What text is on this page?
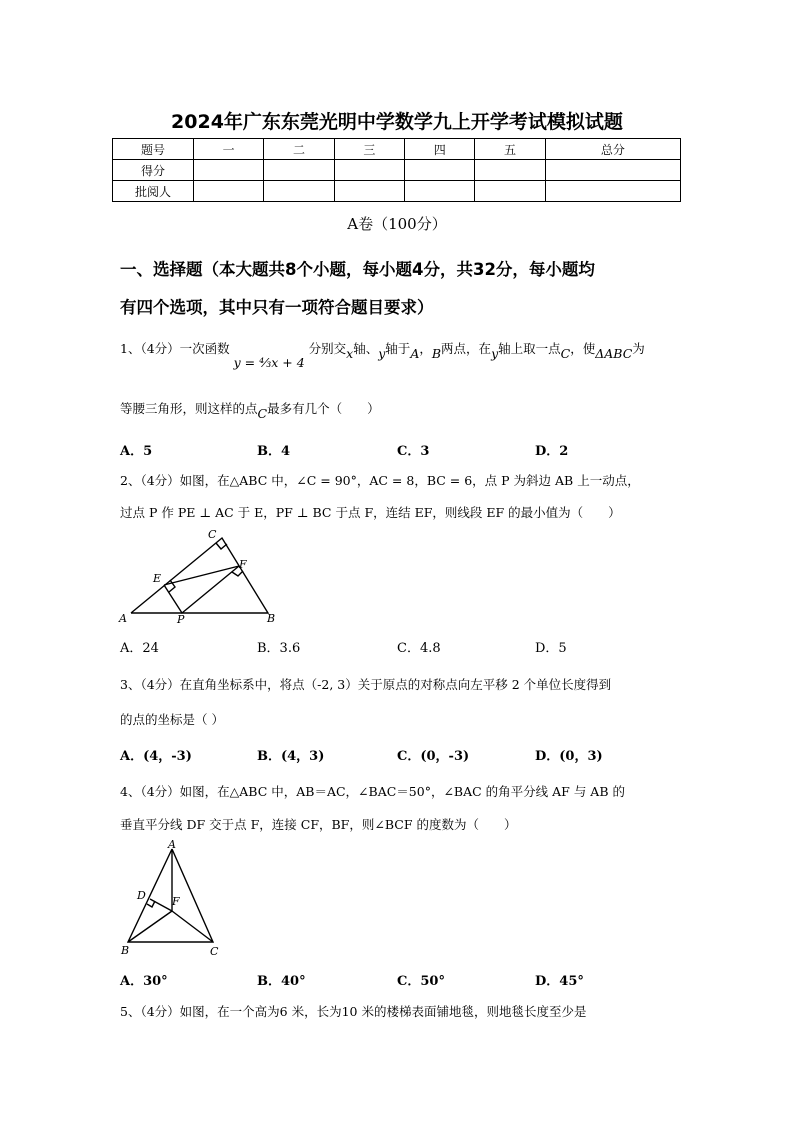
2024年广东东莞光明中学数学九上开学考试模拟试题
题号	一	二	三	四	五	总分
得分						
批阅人						
A卷（100分）
一、选择题（本大题共8个小题，每小题4分，共32分，每小题均
有四个选项，其中只有一项符合题目要求）
1、（4分）一次函数 y = ⁴⁄₃x + 4 分别交x轴、y轴于A，B两点，在y轴上取一点C，使ΔABC为
等腰三角形，则这样的点C最多有几个（　　）
A．5	B．4	C．3	D．2
2、（4分）如图，在△ABC 中，∠C = 90°，AC = 8，BC = 6，点 P 为斜边 AB 上一动点，
过点 P 作 PE ⊥ AC 于 E，PF ⊥ BC 于点 F，连结 EF，则线段 EF 的最小值为（　　）
A	B
C
E
F
P
A．24	B．3.6	C．4.8	D．5
3、（4分）在直角坐标系中，将点（-2, 3）关于原点的对称点向左平移 2 个单位长度得到
的点的坐标是（ ）
A．(4，-3)	B．(4，3)	C．(0，-3)	D．(0，3)
4、（4分）如图，在△ABC 中，AB＝AC，∠BAC＝50°，∠BAC 的角平分线 AF 与 AB 的
垂直平分线 DF 交于点 F，连接 CF，BF，则∠BCF 的度数为（　　）
A
B	C
D F
A．30°	B．40°	C．50°	D．45°
5、（4分）如图，在一个高为6 米，长为10 米的楼梯表面铺地毯，则地毯长度至少是
